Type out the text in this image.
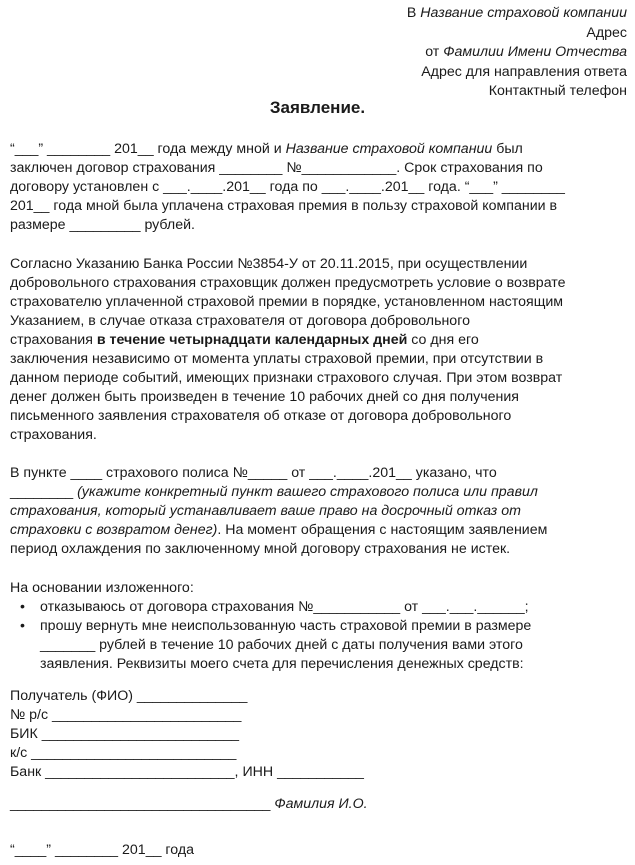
В Название страховой компании
Адрес
от Фамилии Имени Отчества
Адрес для направления ответа
Контактный телефон
Заявление.
“___” ________ 201__ года между мной и Название страховой компании был
заключен договор страхования ________ №____________. Срок страхования по
договору установлен с ___.____.201__ года по ___.____.201__ года. “___” ________
201__ года мной была уплачена страховая премия в пользу страховой компании в
размере _________ рублей.
Согласно Указанию Банка России №3854-У от 20.11.2015, при осуществлении
добровольного страхования страховщик должен предусмотреть условие о возврате
страхователю уплаченной страховой премии в порядке, установленном настоящим
Указанием, в случае отказа страхователя от договора добровольного
страхования в течение четырнадцати календарных дней со дня его
заключения независимо от момента уплаты страховой премии, при отсутствии в
данном периоде событий, имеющих признаки страхового случая. При этом возврат
денег должен быть произведен в течение 10 рабочих дней со дня получения
письменного заявления страхователя об отказе от договора добровольного
страхования.
В пункте ____ страхового полиса №_____ от ___.____.201__ указано, что
________ (укажите конкретный пункт вашего страхового полиса или правил
страхования, который устанавливает ваше право на досрочный отказ от
страховки с возвратом денег). На момент обращения с настоящим заявлением
период охлаждения по заключенному мной договору страхования не истек.
На основании изложенного:
• отказываюсь от договора страхования №___________ от ___.___.______;
• прошу вернуть мне неиспользованную часть страховой премии в размере
_______ рублей в течение 10 рабочих дней с даты получения вами этого
заявления. Реквизиты моего счета для перечисления денежных средств:
Получатель (ФИО) ______________
№ р/с ________________________
БИК _________________________
к/с __________________________
Банк ________________________, ИНН ___________
_________________________________ Фамилия И.О.
“____” ________ 201__ года
